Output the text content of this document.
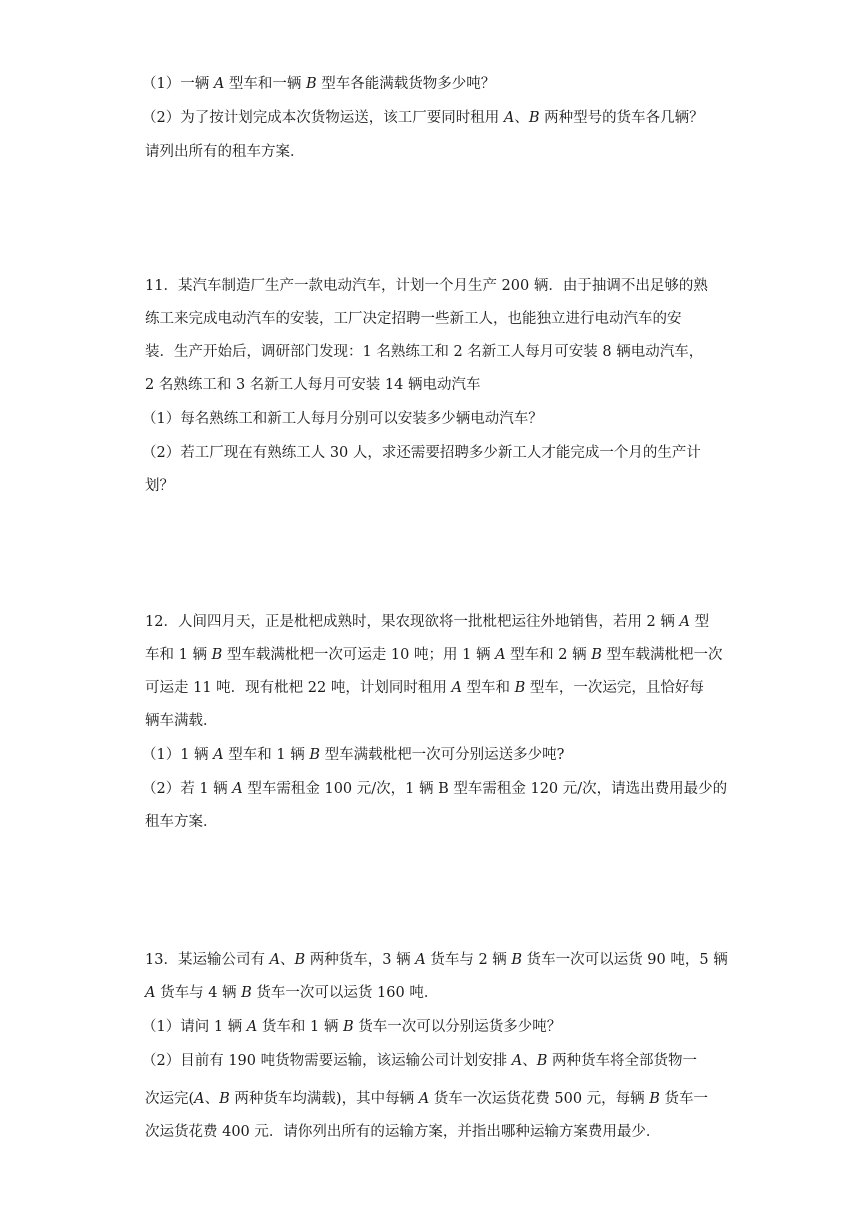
（1）一辆 A 型车和一辆 B 型车各能满载货物多少吨？
（2）为了按计划完成本次货物运送，该工厂要同时租用 A、B 两种型号的货车各几辆？
请列出所有的租车方案．
11．某汽车制造厂生产一款电动汽车，计划一个月生产 200 辆．由于抽调不出足够的熟
练工来完成电动汽车的安装，工厂决定招聘一些新工人，也能独立进行电动汽车的安
装．生产开始后，调研部门发现：1 名熟练工和 2 名新工人每月可安装 8 辆电动汽车，
2 名熟练工和 3 名新工人每月可安装 14 辆电动汽车
（1）每名熟练工和新工人每月分别可以安装多少辆电动汽车？
（2）若工厂现在有熟练工人 30 人，求还需要招聘多少新工人才能完成一个月的生产计
划？
12．人间四月天，正是枇杷成熟时，果农现欲将一批枇杷运往外地销售，若用 2 辆 A 型
车和 1 辆 B 型车载满枇杷一次可运走 10 吨；用 1 辆 A 型车和 2 辆 B 型车载满枇杷一次
可运走 11 吨．现有枇杷 22 吨，计划同时租用 A 型车和 B 型车，一次运完，且恰好每
辆车满载．
（1）1 辆 A 型车和 1 辆 B 型车满载枇杷一次可分别运送多少吨?
（2）若 1 辆 A 型车需租金 100 元/次，1 辆 B 型车需租金 120 元/次，请选出费用最少的
租车方案．
13．某运输公司有 A、B 两种货车，3 辆 A 货车与 2 辆 B 货车一次可以运货 90 吨，5 辆
A 货车与 4 辆 B 货车一次可以运货 160 吨．
（1）请问 1 辆 A 货车和 1 辆 B 货车一次可以分别运货多少吨？
（2）目前有 190 吨货物需要运输，该运输公司计划安排 A、B 两种货车将全部货物一
次运完(A、B 两种货车均满载)，其中每辆 A 货车一次运货花费 500 元，每辆 B 货车一
次运货花费 400 元．请你列出所有的运输方案，并指出哪种运输方案费用最少．
